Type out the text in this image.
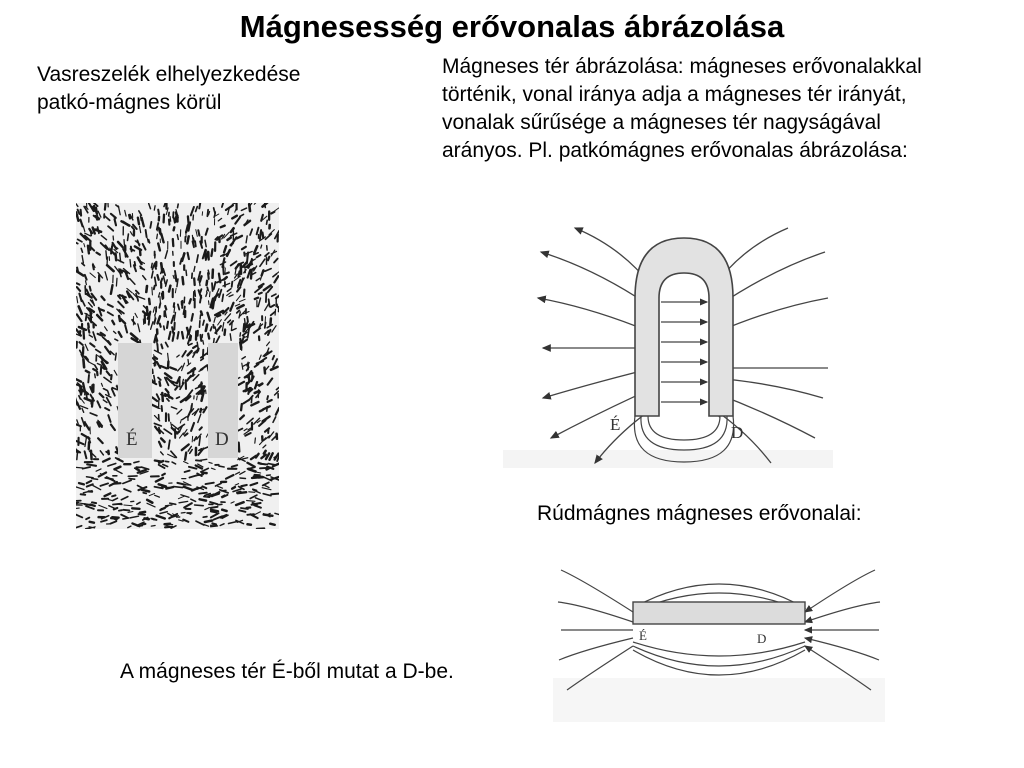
Mágnesesség erővonalas ábrázolása
Vasreszelék elhelyezkedése patkó-mágnes körül
Mágneses tér ábrázolása: mágneses erővonalakkal történik, vonal iránya adja a mágneses tér irányát, vonalak sűrűsége a mágneses tér nagyságával arányos. Pl. patkómágnes erővonalas ábrázolása:
É	D
É	D
Rúdmágnes mágneses erővonalai:
É	D
A mágneses tér É-ből mutat a D-be.
